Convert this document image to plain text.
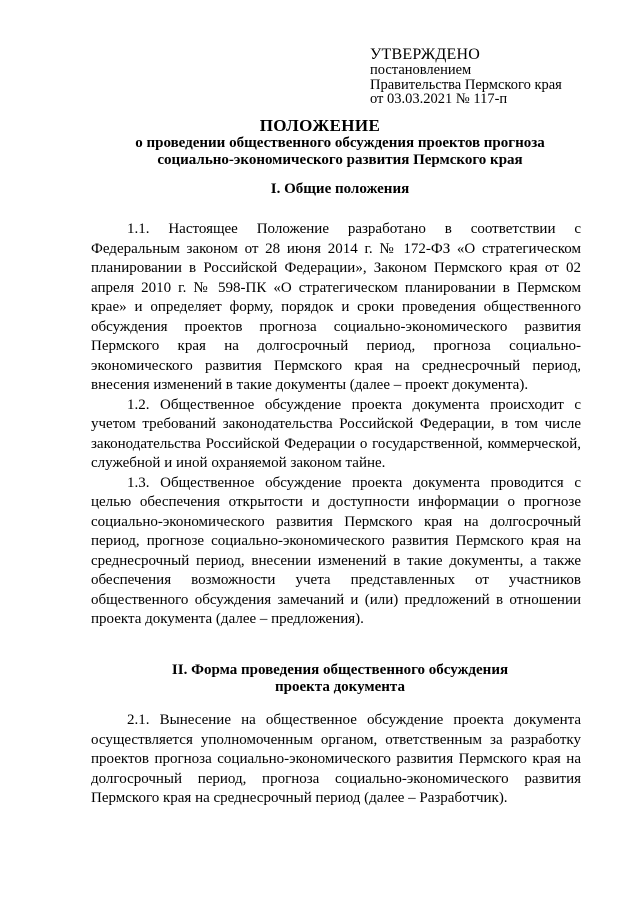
УТВЕРЖДЕНО
постановлением
Правительства Пермского края
от 03.03.2021 № 117-п
ПОЛОЖЕНИЕ
о проведении общественного обсуждения проектов прогноза
социально-экономического развития Пермского края
I. Общие положения

1.1. Настоящее Положение разработано в соответствии с Федеральным законом от 28 июня 2014 г. № 172-ФЗ «О стратегическом планировании в Российской Федерации», Законом Пермского края от 02 апреля 2010 г. № 598-ПК «О стратегическом планировании в Пермском крае» и определяет форму, порядок и сроки проведения общественного обсуждения проектов прогноза социально-экономического развития Пермского края на долгосрочный период, прогноза социально-экономического развития Пермского края на среднесрочный период, внесения изменений в такие документы (далее – проект документа).

1.2. Общественное обсуждение проекта документа происходит с учетом требований законодательства Российской Федерации, в том числе законодательства Российской Федерации о государственной, коммерческой, служебной и иной охраняемой законом тайне.

1.3. Общественное обсуждение проекта документа проводится с целью обеспечения открытости и доступности информации о прогнозе социально-экономического развития Пермского края на долгосрочный период, прогнозе социально-экономического развития Пермского края на среднесрочный период, внесении изменений в такие документы, а также обеспечения возможности учета представленных от участников общественного обсуждения замечаний и (или) предложений в отношении проекта документа (далее – предложения).

II. Форма проведения общественного обсуждения
проекта документа

2.1. Вынесение на общественное обсуждение проекта документа осуществляется уполномоченным органом, ответственным за разработку проектов прогноза социально-экономического развития Пермского края на долгосрочный период, прогноза социально-экономического развития Пермского края на среднесрочный период (далее – Разработчик).
